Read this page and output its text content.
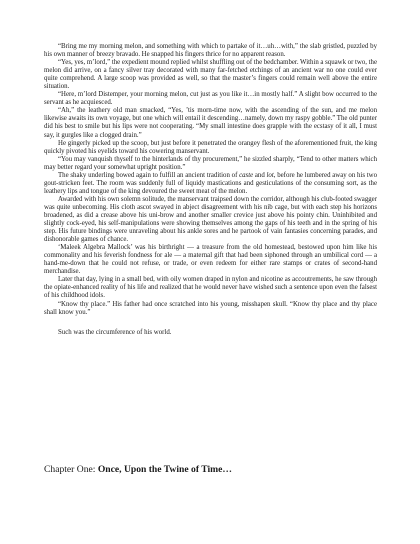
“Bring me my morning melon, and something with which to partake of it…uh…with,” the slab gristled, puzzled by his own manner of breezy bravado. He snapped his fingers thrice for no apparent reason.

“Yes, yes, m’lord,” the expedient mound replied whilst shuffling out of the bedchamber. Within a squawk or two, the melon did arrive, on a fancy silver tray decorated with many far-fetched etchings of an ancient war no one could ever quite comprehend. A large scoop was provided as well, so that the master’s fingers could remain well above the entire situation.

“Here, m’lord Distemper, your morning melon, cut just as you like it…in mostly half.” A slight bow occurred to the servant as he acquiesced.

“Ah,” the leathery old man smacked, “Yes, ’tis morn-time now, with the ascending of the sun, and me melon likewise awaits its own voyage, but one which will entail it descending…namely, down my raspy gobble.” The old punter did his best to smile but his lips were not cooperating. “My small intestine does grapple with the ecstasy of it all, I must say, it gurgles like a clogged drain.”

He gingerly picked up the scoop, but just before it penetrated the orangey flesh of the aforementioned fruit, the king quickly pivoted his eyelids toward his cowering manservant.

“You may vanquish thyself to the hinterlands of thy procurement,” he sizzled sharply, “Tend to other matters which may better regard your somewhat upright position.”

The shaky underling bowed again to fulfill an ancient tradition of caste and lot, before he lumbered away on his two gout-stricken feet. The room was suddenly full of liquidy mastications and gesticulations of the consuming sort, as the leathery lips and tongue of the king devoured the sweet meat of the melon.

Awarded with his own solemn solitude, the manservant traipsed down the corridor, although his club-footed swagger was quite unbecoming. His cloth ascot swayed in abject disagreement with his nib cage, but with each step his horizons broadened, as did a crease above his uni-brow and another smaller crevice just above his pointy chin. Uninhibited and slightly cock-eyed, his self-manipulations were showing themselves among the gaps of his teeth and in the spring of his step. His future bindings were unraveling about his ankle sores and he partook of vain fantasies concerning parades, and dishonorable games of chance.

‘Maleek Algebra Mallock’ was his birthright — a treasure from the old homestead, bestowed upon him like his commonality and his feverish fondness for ale — a maternal gift that had been siphoned through an umbilical cord — a hand-me-down that he could not refuse, or trade, or even redeem for either rare stamps or crates of second-hand merchandise.

Later that day, lying in a small bed, with oily women draped in nylon and nicotine as accoutrements, he saw through the opiate-enhanced reality of his life and realized that he would never have wished such a sentence upon even the falsest of his childhood idols.

“Know thy place.” His father had once scratched into his young, misshapen skull. “Know thy place and thy place shall know you.”

Such was the circumference of his world.

Chapter One: Once, Upon the Twine of Time…
